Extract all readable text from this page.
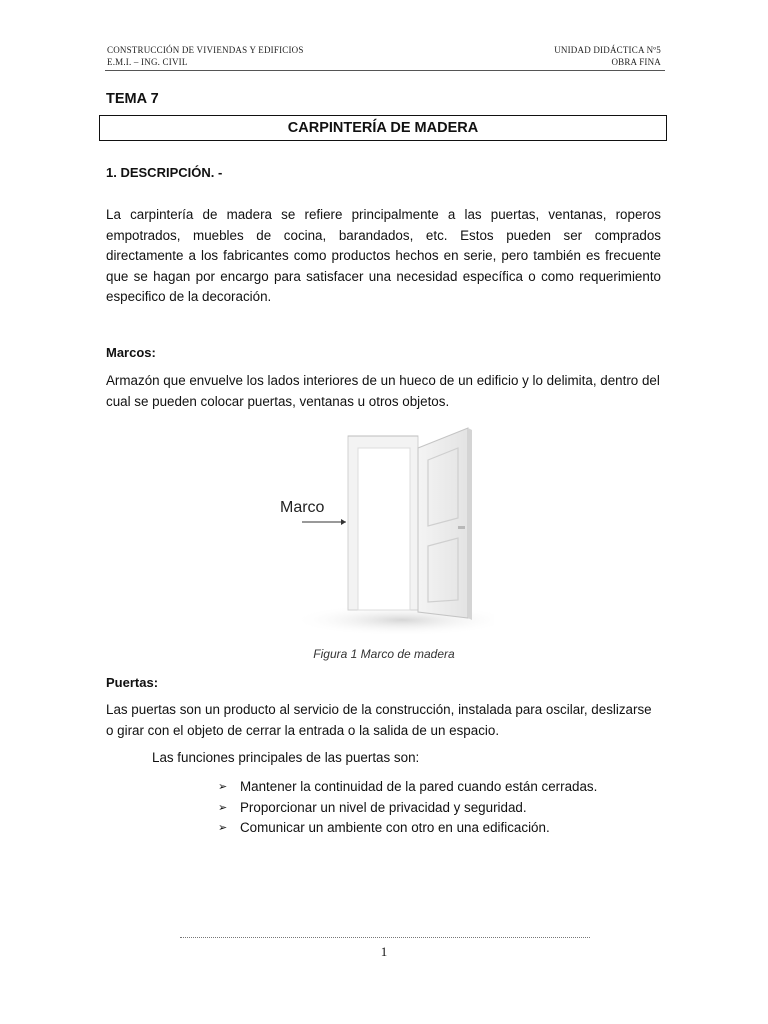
CONSTRUCCIÓN DE VIVIENDAS Y EDIFICIOS
E.M.I. – ING. CIVIL
UNIDAD DIDÁCTICA Nº5
OBRA FINA
TEMA 7
CARPINTERÍA DE MADERA
1. DESCRIPCIÓN. -
La carpintería de madera se refiere principalmente a las puertas, ventanas, roperos empotrados, muebles de cocina, barandados, etc. Estos pueden ser comprados directamente a los fabricantes como productos hechos en serie, pero también es frecuente que se hagan por encargo para satisfacer una necesidad específica o como requerimiento especifico de la decoración.
Marcos:
Armazón que envuelve los lados interiores de un hueco de un edificio y lo delimita, dentro del cual se pueden colocar puertas, ventanas u otros objetos.
Marco
Figura 1 Marco de madera
Puertas:
Las puertas son un producto al servicio de la construcción, instalada para oscilar, deslizarse o girar con el objeto de cerrar la entrada o la salida de un espacio.
Las funciones principales de las puertas son:
➢ Mantener la continuidad de la pared cuando están cerradas.
➢ Proporcionar un nivel de privacidad y seguridad.
➢ Comunicar un ambiente con otro en una edificación.
1
